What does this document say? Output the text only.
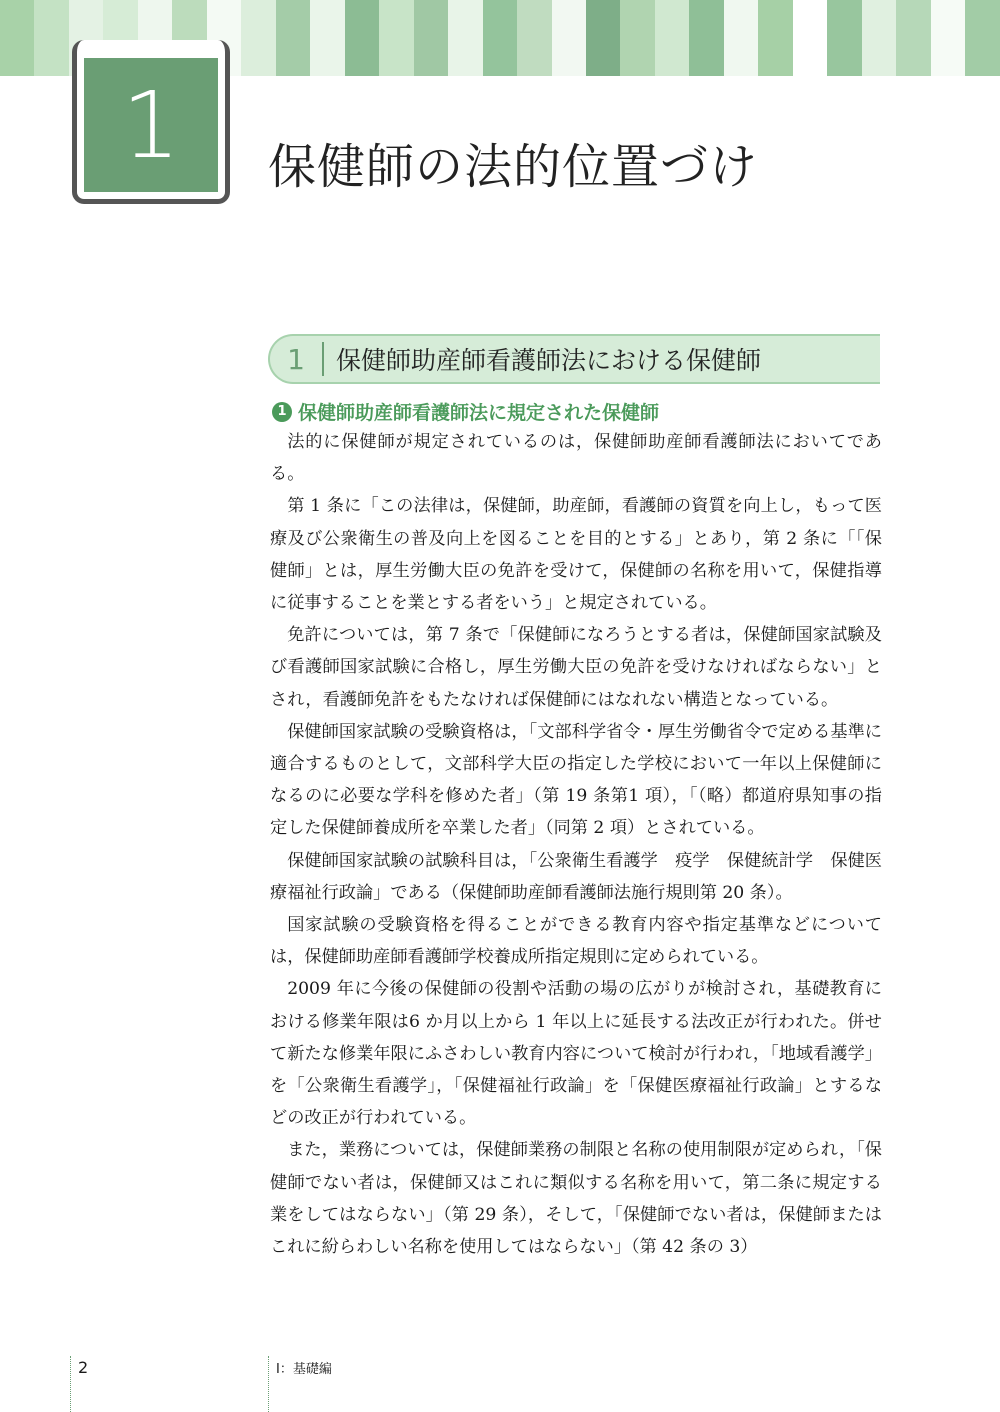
1	保健師の法的位置づけ
1	保健師助産師看護師法における保健師
1 保健師助産師看護師法に規定された保健師

法的に保健師が規定されているのは，保健師助産師看護師法においてである。

第 1 条に「この法律は，保健師，助産師，看護師の資質を向上し，もって医療及び公衆衛生の普及向上を図ることを目的とする」とあり，第 2 条に「「保健師」とは，厚生労働大臣の免許を受けて，保健師の名称を用いて，保健指導に従事することを業とする者をいう」と規定されている。

免許については，第 7 条で「保健師になろうとする者は，保健師国家試験及び看護師国家試験に合格し，厚生労働大臣の免許を受けなければならない」とされ，看護師免許をもたなければ保健師にはなれない構造となっている。

保健師国家試験の受験資格は，「文部科学省令・厚生労働省令で定める基準に適合するものとして，文部科学大臣の指定した学校において一年以上保健師になるのに必要な学科を修めた者」（第 19 条第1 項），「（略）都道府県知事の指定した保健師養成所を卒業した者」（同第 2 項）とされている。

保健師国家試験の試験科目は，「公衆衛生看護学　疫学　保健統計学　保健医療福祉行政論」である（保健師助産師看護師法施行規則第 20 条）。

国家試験の受験資格を得ることができる教育内容や指定基準などについては，保健師助産師看護師学校養成所指定規則に定められている。

2009 年に今後の保健師の役割や活動の場の広がりが検討され，基礎教育における修業年限は6 か月以上から 1 年以上に延長する法改正が行われた。併せて新たな修業年限にふさわしい教育内容について検討が行われ，「地域看護学」を「公衆衛生看護学」，「保健福祉行政論」を「保健医療福祉行政論」とするなどの改正が行われている。

また，業務については，保健師業務の制限と名称の使用制限が定められ，「保健師でない者は，保健師又はこれに類似する名称を用いて，第二条に規定する業をしてはならない」（第 29 条），そして，「保健師でない者は，保健師またはこれに紛らわしい名称を使用してはならない」（第 42 条の 3）

2	Ⅰ：基礎編
